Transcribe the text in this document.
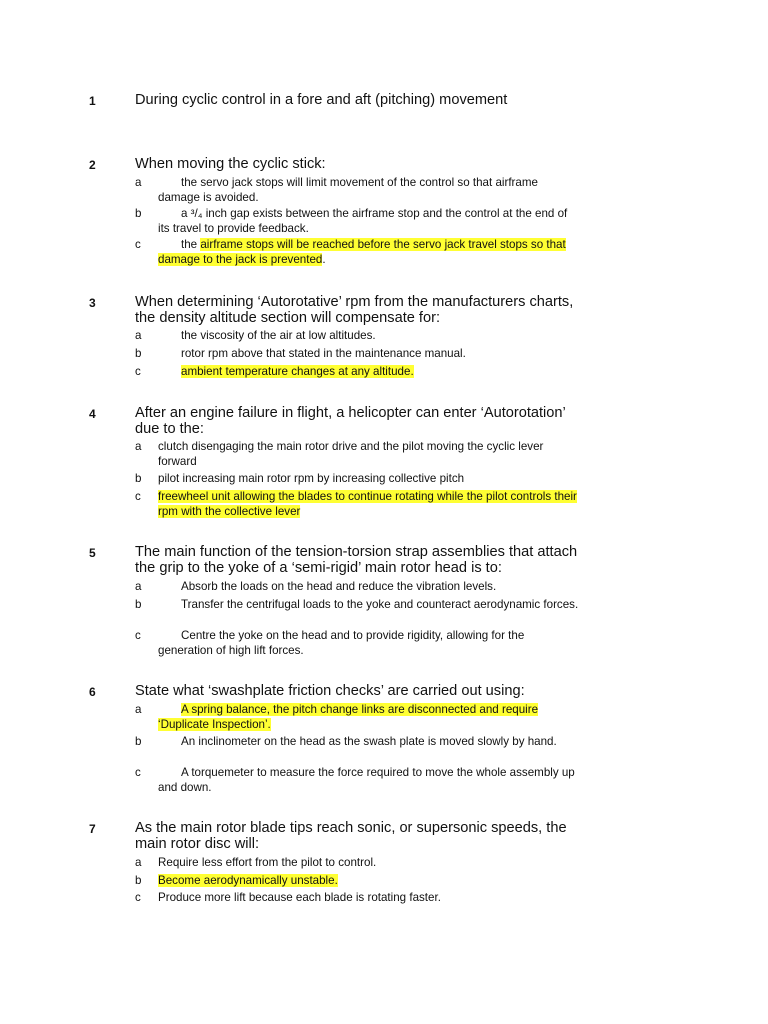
1	During cyclic control in a fore and aft (pitching) movement
2	When moving the cyclic stick:
a	the servo jack stops will limit movement of the control so that airframe damage is avoided.
b	a ³/₄ inch gap exists between the airframe stop and the control at the end of its travel to provide feedback.
c	the airframe stops will be reached before the servo jack travel stops so that damage to the jack is prevented.
3	When determining ‘Autorotative’ rpm from the manufacturers charts, the density altitude section will compensate for:
a	the viscosity of the air at low altitudes.
b	rotor rpm above that stated in the maintenance manual.
c	ambient temperature changes at any altitude.
4	After an engine failure in flight, a helicopter can enter ‘Autorotation’ due to the:
a clutch disengaging the main rotor drive and the pilot moving the cyclic lever forward
b pilot increasing main rotor rpm by increasing collective pitch
c freewheel unit allowing the blades to continue rotating while the pilot controls their rpm with the collective lever
5	The main function of the tension-torsion strap assemblies that attach the grip to the yoke of a ‘semi-rigid’ main rotor head is to:
a	Absorb the loads on the head and reduce the vibration levels.
b	Transfer the centrifugal loads to the yoke and counteract aerodynamic forces.
c	Centre the yoke on the head and to provide rigidity, allowing for the generation of high lift forces.
6	State what ‘swashplate friction checks’ are carried out using:
a	A spring balance, the pitch change links are disconnected and require ‘Duplicate Inspection’.
b	An inclinometer on the head as the swash plate is moved slowly by hand.
c	A torquemeter to measure the force required to move the whole assembly up and down.
7	As the main rotor blade tips reach sonic, or supersonic speeds, the main rotor disc will:
a Require less effort from the pilot to control.
b Become aerodynamically unstable.
c Produce more lift because each blade is rotating faster.
